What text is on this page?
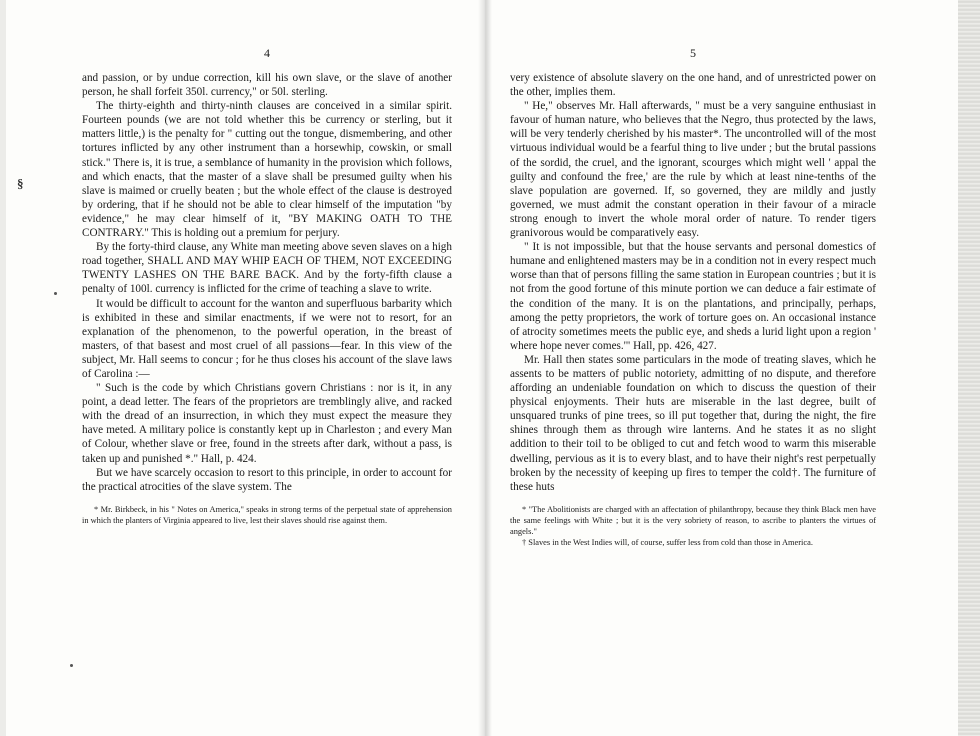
§
4

and passion, or by undue correction, kill his own slave, or the slave of another person, he shall forfeit 350l. currency," or 50l. sterling.

The thirty-eighth and thirty-ninth clauses are conceived in a similar spirit. Fourteen pounds (we are not told whether this be currency or sterling, but it matters little,) is the penalty for " cutting out the tongue, dismembering, and other tortures inflicted by any other instrument than a horsewhip, cowskin, or small stick." There is, it is true, a semblance of humanity in the provision which follows, and which enacts, that the master of a slave shall be presumed guilty when his slave is maimed or cruelly beaten ; but the whole effect of the clause is destroyed by ordering, that if he should not be able to clear himself of the imputation "by evidence," he may clear himself of it, "BY MAKING OATH TO THE CONTRARY." This is holding out a premium for perjury.

By the forty-third clause, any White man meeting above seven slaves on a high road together, SHALL AND MAY WHIP EACH OF THEM, NOT EXCEEDING TWENTY LASHES ON THE BARE BACK. And by the forty-fifth clause a penalty of 100l. currency is inflicted for the crime of teaching a slave to write.

It would be difficult to account for the wanton and superfluous barbarity which is exhibited in these and similar enactments, if we were not to resort, for an explanation of the phenomenon, to the powerful operation, in the breast of masters, of that basest and most cruel of all passions—fear. In this view of the subject, Mr. Hall seems to concur ; for he thus closes his account of the slave laws of Carolina :—

" Such is the code by which Christians govern Christians : nor is it, in any point, a dead letter. The fears of the proprietors are tremblingly alive, and racked with the dread of an insurrection, in which they must expect the measure they have meted. A military police is constantly kept up in Charleston ; and every Man of Colour, whether slave or free, found in the streets after dark, without a pass, is taken up and punished *." Hall, p. 424.

But we have scarcely occasion to resort to this principle, in order to account for the practical atrocities of the slave system. The

* Mr. Birkbeck, in his " Notes on America," speaks in strong terms of the perpetual state of apprehension in which the planters of Virginia appeared to live, lest their slaves should rise against them.

5

very existence of absolute slavery on the one hand, and of unrestricted power on the other, implies them.

" He," observes Mr. Hall afterwards, " must be a very sanguine enthusiast in favour of human nature, who believes that the Negro, thus protected by the laws, will be very tenderly cherished by his master*. The uncontrolled will of the most virtuous individual would be a fearful thing to live under ; but the brutal passions of the sordid, the cruel, and the ignorant, scourges which might well ' appal the guilty and confound the free,' are the rule by which at least nine-tenths of the slave population are governed. If, so governed, they are mildly and justly governed, we must admit the constant operation in their favour of a miracle strong enough to invert the whole moral order of nature. To render tigers granivorous would be comparatively easy.

" It is not impossible, but that the house servants and personal domestics of humane and enlightened masters may be in a condition not in every respect much worse than that of persons filling the same station in European countries ; but it is not from the good fortune of this minute portion we can deduce a fair estimate of the condition of the many. It is on the plantations, and principally, perhaps, among the petty proprietors, the work of torture goes on. An occasional instance of atrocity sometimes meets the public eye, and sheds a lurid light upon a region ' where hope never comes.'" Hall, pp. 426, 427.

Mr. Hall then states some particulars in the mode of treating slaves, which he assents to be matters of public notoriety, admitting of no dispute, and therefore affording an undeniable foundation on which to discuss the question of their physical enjoyments. Their huts are miserable in the last degree, built of unsquared trunks of pine trees, so ill put together that, during the night, the fire shines through them as through wire lanterns. And he states it as no slight addition to their toil to be obliged to cut and fetch wood to warm this miserable dwelling, pervious as it is to every blast, and to have their night's rest perpetually broken by the necessity of keeping up fires to temper the cold†. The furniture of these huts

* "The Abolitionists are charged with an affectation of philanthropy, because they think Black men have the same feelings with White ; but it is the very sobriety of reason, to ascribe to planters the virtues of angels."

† Slaves in the West Indies will, of course, suffer less from cold than those in America.
